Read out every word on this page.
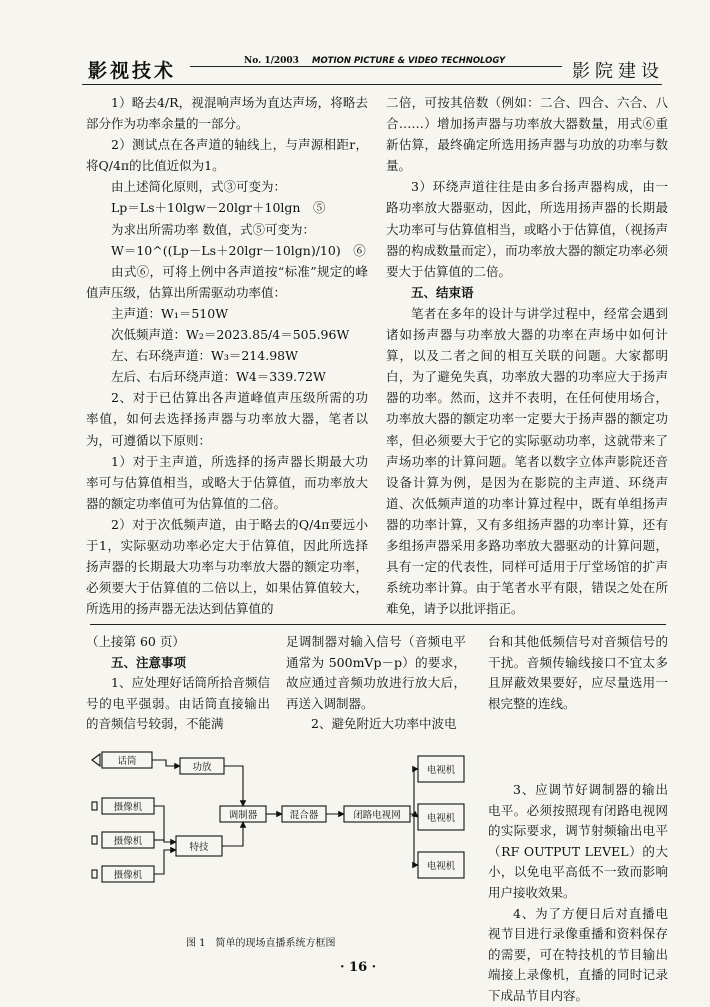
影视技术	No. 1/2003 MOTION PICTURE & VIDEO TECHNOLOGY	影院建设

1）略去4/R，视混响声场为直达声场，将略去部分作为功率余量的一部分。

2）测试点在各声道的轴线上，与声源相距r，将Q/4π的比值近似为1。

由上述简化原则，式③可变为：

Lp＝Ls＋10lgw－20lgr＋10lgn　⑤

为求出所需功率 数值，式⑤可变为：

W＝10^((Lp－Ls＋20lgr－10lgn)/10)　⑥

由式⑥，可将上例中各声道按“标准”规定的峰值声压级，估算出所需驱动功率值：

主声道：W₁＝510W

次低频声道：W₂＝2023.85/4＝505.96W

左、右环绕声道：W₃＝214.98W

左后、右后环绕声道：W4＝339.72W

2、对于已估算出各声道峰值声压级所需的功率值，如何去选择扬声器与功率放大器，笔者以为，可遵循以下原则：

1）对于主声道，所选择的扬声器长期最大功率可与估算值相当，或略大于估算值，而功率放大器的额定功率值可为估算值的二倍。

2）对于次低频声道，由于略去的Q/4π要远小于1，实际驱动功率必定大于估算值，因此所选择扬声器的长期最大功率与功率放大器的额定功率，必须要大于估算值的二倍以上，如果估算值较大，所选用的扬声器无法达到估算值的

二倍，可按其倍数（例如：二合、四合、六合、八合……）增加扬声器与功率放大器数量，用式⑥重新估算，最终确定所选用扬声器与功放的功率与数量。

3）环绕声道往往是由多台扬声器构成，由一路功率放大器驱动，因此，所选用扬声器的长期最大功率可与估算值相当，或略小于估算值，（视扬声器的构成数量而定），而功率放大器的额定功率必须要大于估算值的二倍。

五、结束语

笔者在多年的设计与讲学过程中，经常会遇到诸如扬声器与功率放大器的功率在声场中如何计算，以及二者之间的相互关联的问题。大家都明白，为了避免失真，功率放大器的功率应大于扬声器的功率。然而，这并不表明，在任何使用场合，功率放大器的额定功率一定要大于扬声器的额定功率，但必须要大于它的实际驱动功率，这就带来了声场功率的计算问题。笔者以数字立体声影院还音设备计算为例，是因为在影院的主声道、环绕声道、次低频声道的功率计算过程中，既有单组扬声器的功率计算，又有多组扬声器的功率计算，还有多组扬声器采用多路功率放大器驱动的计算问题，具有一定的代表性，同样可适用于厅堂场馆的扩声系统功率计算。由于笔者水平有限，错误之处在所难免，请予以批评指正。

（上接第 60 页）

五、注意事项

1、应处理好话筒所拾音频信号的电平强弱。由话筒直接输出的音频信号较弱，不能满

足调制器对输入信号（音频电平通常为 500mVp－p）的要求，故应通过音频功放进行放大后，再送入调制器。

2、避免附近大功率中波电

台和其他低频信号对音频信号的干扰。音频传输线接口不宜太多且屏蔽效果要好，应尽量选用一根完整的连线。

3、应调节好调制器的输出电平。必须按照现有闭路电视网的实际要求，调节射频输出电平（RF OUTPUT LEVEL）的大小，以免电平高低不一致而影响用户接收效果。

4、为了方便日后对直播电视节目进行录像重播和资料保存的需要，可在特技机的节目输出端接上录像机，直播的同时记录下成品节目内容。

话筒
功放
摄像机
摄像机
摄像机
特技
调制器	混合器	闭路电视网
电视机
电视机
电视机
图 1　简单的现场直播系统方框图
· 16 ·
